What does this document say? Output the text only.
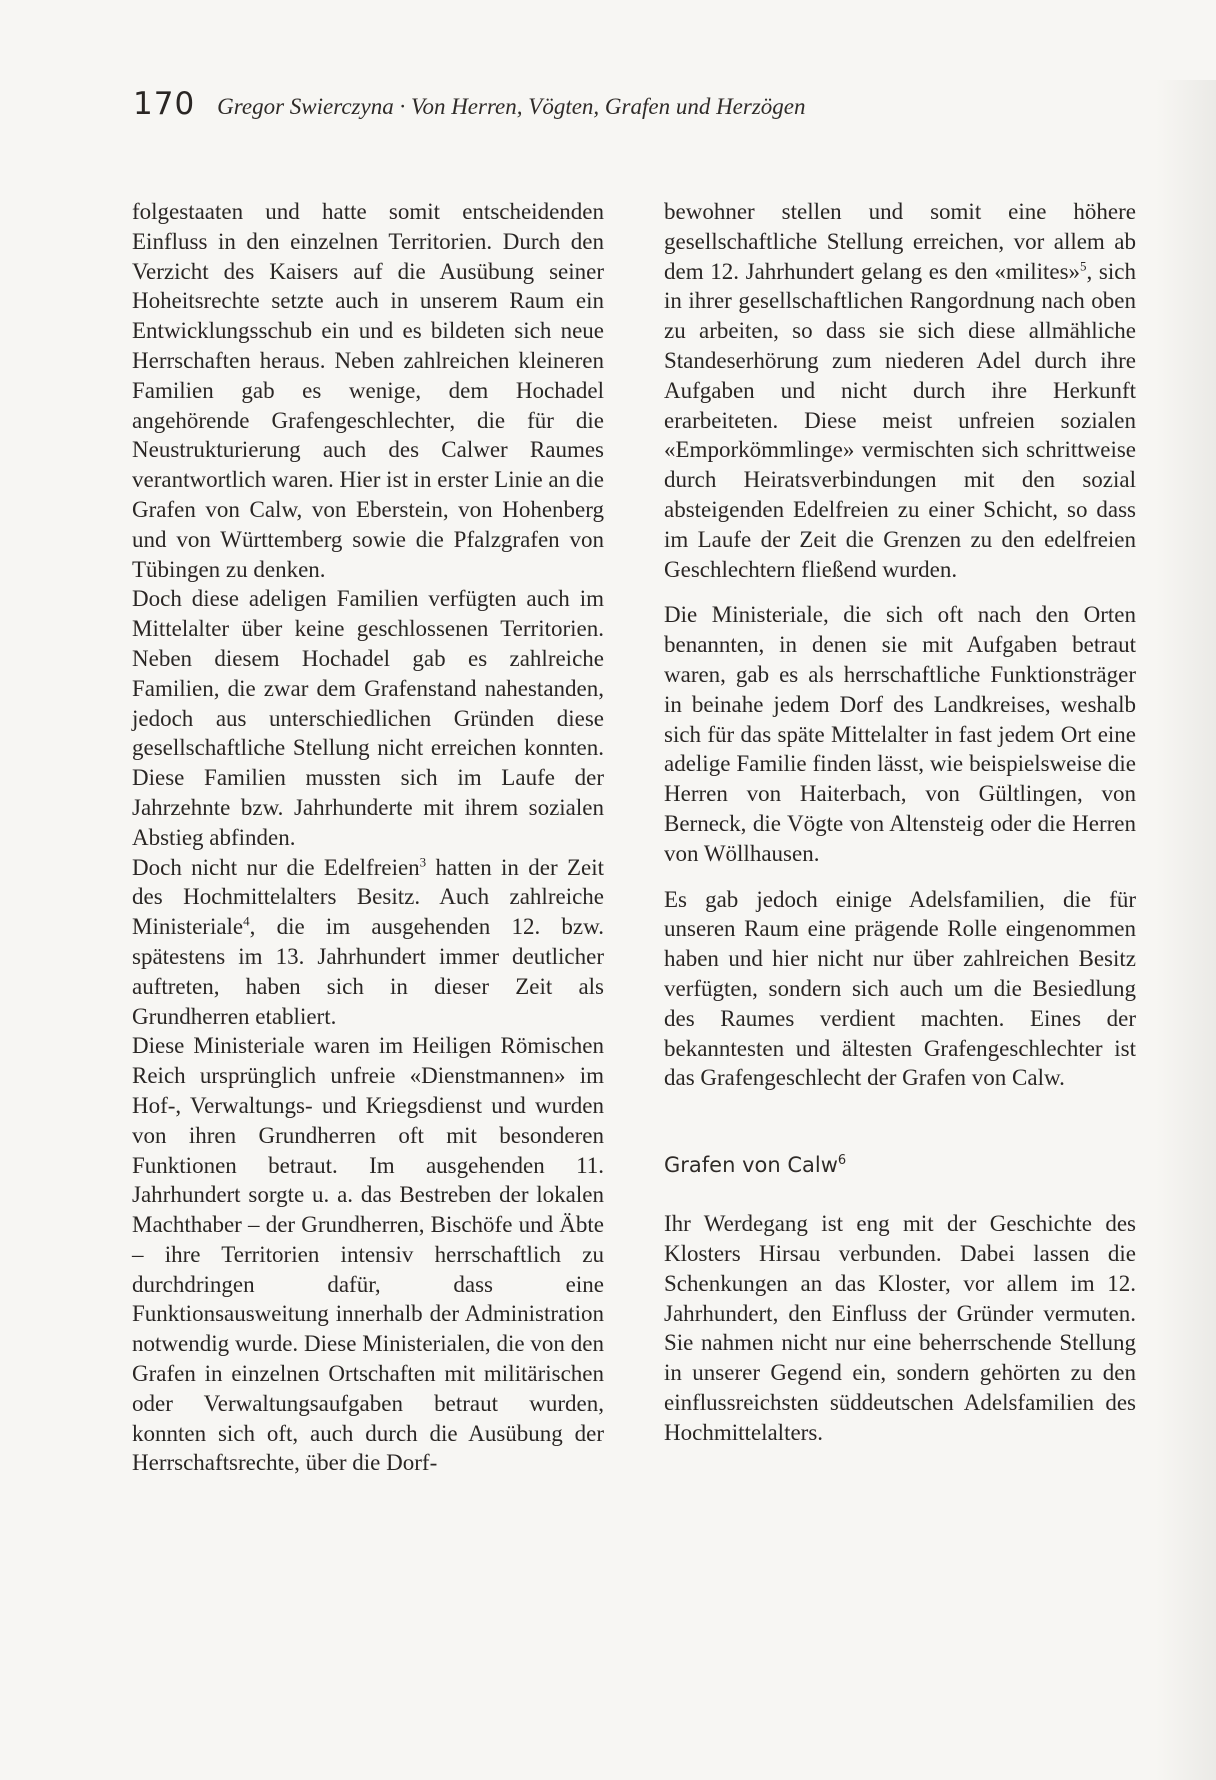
170 Gregor Swierczyna · Von Herren, Vögten, Grafen und Herzögen

folgestaaten und hatte somit entscheidenden Einfluss in den einzelnen Territorien. Durch den Verzicht des Kaisers auf die Ausübung seiner Hoheitsrechte setzte auch in unserem Raum ein Entwicklungsschub ein und es bildeten sich neue Herrschaften heraus. Neben zahlreichen kleineren Familien gab es wenige, dem Hochadel angehörende Grafengeschlechter, die für die Neustrukturierung auch des Calwer Raumes verantwortlich waren. Hier ist in erster Linie an die Grafen von Calw, von Eberstein, von Hohenberg und von Württemberg sowie die Pfalzgrafen von Tübingen zu denken.

Doch diese adeligen Familien verfügten auch im Mittelalter über keine geschlossenen Territorien. Neben diesem Hochadel gab es zahlreiche Familien, die zwar dem Grafenstand nahestanden, jedoch aus unterschiedlichen Gründen diese gesellschaftliche Stellung nicht erreichen konnten. Diese Familien mussten sich im Laufe der Jahrzehnte bzw. Jahrhunderte mit ihrem sozialen Abstieg abfinden.

Doch nicht nur die Edelfreien$^3$ hatten in der Zeit des Hochmittelalters Besitz. Auch zahlreiche Ministeriale$^4$, die im ausgehenden 12. bzw. spätestens im 13. Jahrhundert immer deutlicher auftreten, haben sich in dieser Zeit als Grundherren etabliert.

Diese Ministeriale waren im Heiligen Römischen Reich ursprünglich unfreie «Dienstmannen» im Hof-, Verwaltungs- und Kriegsdienst und wurden von ihren Grundherren oft mit besonderen Funktionen betraut. Im ausgehenden 11. Jahrhundert sorgte u. a. das Bestreben der lokalen Machthaber – der Grundherren, Bischöfe und Äbte – ihre Territorien intensiv herrschaftlich zu durchdringen dafür, dass eine Funktionsausweitung innerhalb der Administration notwendig wurde. Diese Ministerialen, die von den Grafen in einzelnen Ortschaften mit militärischen oder Verwaltungsaufgaben betraut wurden, konnten sich oft, auch durch die Ausübung der Herrschaftsrechte, über die Dorf-

bewohner stellen und somit eine höhere gesellschaftliche Stellung erreichen, vor allem ab dem 12. Jahrhundert gelang es den «milites»$^5$, sich in ihrer gesellschaftlichen Rangordnung nach oben zu arbeiten, so dass sie sich diese allmähliche Standeserhörung zum niederen Adel durch ihre Aufgaben und nicht durch ihre Herkunft erarbeiteten. Diese meist unfreien sozialen «Emporkömmlinge» vermischten sich schrittweise durch Heiratsverbindungen mit den sozial absteigenden Edelfreien zu einer Schicht, so dass im Laufe der Zeit die Grenzen zu den edelfreien Geschlechtern fließend wurden.

Die Ministeriale, die sich oft nach den Orten benannten, in denen sie mit Aufgaben betraut waren, gab es als herrschaftliche Funktionsträger in beinahe jedem Dorf des Landkreises, weshalb sich für das späte Mittelalter in fast jedem Ort eine adelige Familie finden lässt, wie beispielsweise die Herren von Haiterbach, von Gültlingen, von Berneck, die Vögte von Altensteig oder die Herren von Wöllhausen.

Es gab jedoch einige Adelsfamilien, die für unseren Raum eine prägende Rolle eingenommen haben und hier nicht nur über zahlreichen Besitz verfügten, sondern sich auch um die Besiedlung des Raumes verdient machten. Eines der bekanntesten und ältesten Grafengeschlechter ist das Grafengeschlecht der Grafen von Calw.

Grafen von Calw$^6$

Ihr Werdegang ist eng mit der Geschichte des Klosters Hirsau verbunden. Dabei lassen die Schenkungen an das Kloster, vor allem im 12. Jahrhundert, den Einfluss der Gründer vermuten. Sie nahmen nicht nur eine beherrschende Stellung in unserer Gegend ein, sondern gehörten zu den einflussreichsten süddeutschen Adelsfamilien des Hochmittelalters.
